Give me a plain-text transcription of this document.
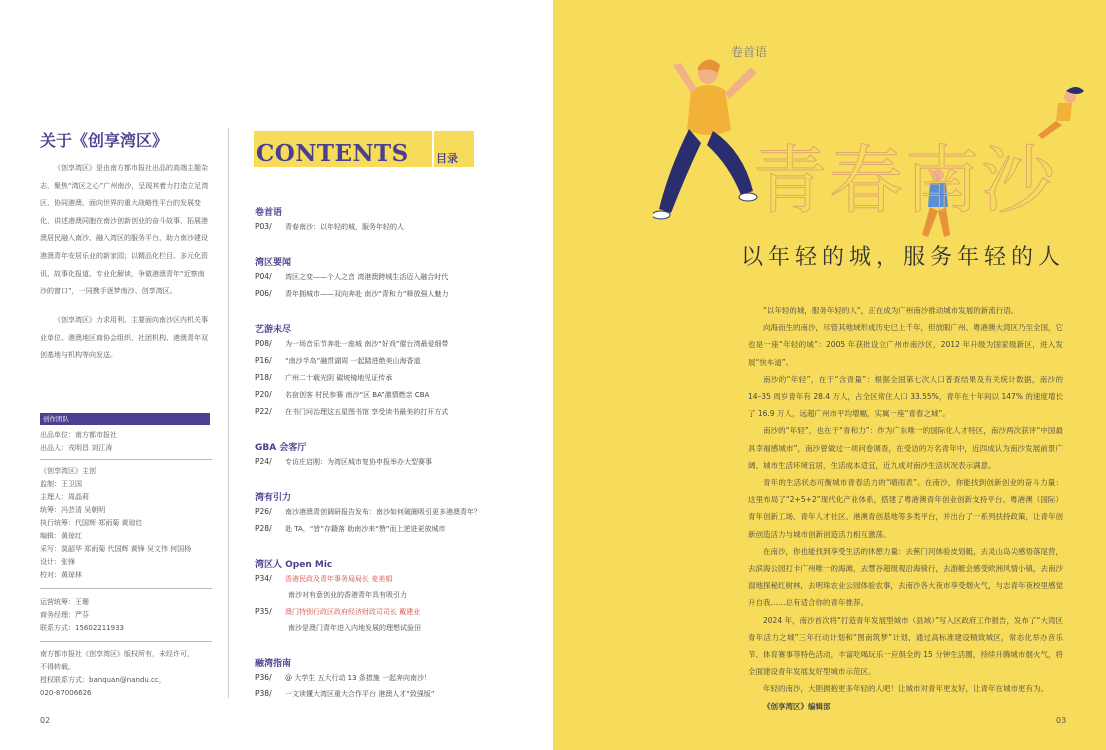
关于《创享湾区》

《创享湾区》是由南方都市报社出品的高端主题杂志，聚焦“湾区之心”广州南沙，呈现其着力打造立足湾区、协同港澳、面向世界的重大战略性平台的发展变化，讲述港澳同胞在南沙创新创业的奋斗故事，拓展港澳居民融入南沙、融入湾区的服务平台，助力南沙建设港澳青年安居乐业的新家园；以精品化栏目、多元化资讯、故事化报道、专业化解读，争做港澳青年“近察南沙的窗口”，一同携手逐梦南沙、创享湾区。

《创享湾区》力求用利、主要面向南沙区内机关事业单位、港澳地区商协会组织、社团机构、港澳青年双创基地与机构等向发送。

创作团队
出品单位：南方都市报社
出品人：戎明昌 刘江涛
《创享湾区》主创
监制：王卫国
主理人：周晶莉
统筹：冯芸清 吴朝明
执行统筹：代国辉 郑雨菊 黄琼红
编辑：黄琼红
采写：莫韶华 郑雨菊 代国辉 黄锋 吴文伟 何国杨
设计：张锋
校对：黄琼林
运营统筹：王珊
商务经理：严芬
联系方式：15602211933
南方都市报社《创享湾区》版权所有，未经许可，
不得转载。
授权联系方式：banquan@nandu.cc，
020-87006626
02
CONTENTS 目录
卷首语
P03/ 青春南沙：以年轻的城，服务年轻的人
湾区要闻
P04/ 湾区之变——个人之音 湾港澳跨城生活迈入融合时代
P06/ 青年拥城市——双向奔赴 南沙“青和力”释放强人魅力
艺游未尽
P08/ 为一场音乐节奔赴一座城 南沙“好戏”催台湾最爱细带
P16/ “南沙半岛”融贯湖周 一起踏进绝美山海香道
P18/ 广州二十载光阴 碳坡镜地见证传承
P20/ 名宿创客 村民参赛 南沙“区 BA”激情燃亲 CBA
P22/ 在书门问治理这五星图书馆 享受读书最美的打开方式
GBA 会客厅
P24/ 专访庄启刚：为湾区城市复协申报举办大型赛事
湾有引力
P26/ 南沙港澳青创调研报告发布：南沙如何破圈吸引更多港澳青年？
P28/ 赴 TA，“皆”存籍落 助南沙来“赞”而上逆进更放城市
湾区人 Open Mic
P34/ 香港民政及青年事务局局长 麦美娟
南沙对有意创业的香港青年具有吸引力
P35/ 澳门特别行政区政府经济财政司司长 戴建业
南沙是澳门青年进入内地发展的理想试验田
融湾指南
P36/ @ 大学生 五大行动 13 条措施 一起奔向南沙！
P38/ 一文读懂大湾区重大合作平台 港澳人才“致强版”
卷首语
青春南沙
以年轻的城，服务年轻的人

“以年轻的城，服务年轻的人”，正在成为广州南沙推动城市发展的新流行语。

向海而生的南沙，尽管其地域形成历史已上千年，但放眼广州、粤港澳大湾区乃至全国，它也是一座“年轻的城”：2005 年获批设立广州市南沙区，2012 年升级为国家级新区，进入发展“快车道”。

南沙的“年轻”，在于“含青量”：根据全国第七次人口普查结果及有关统计数据，南沙的 14–35 周岁青年有 28.4 万人，占全区常住人口 33.55%，青年在十年间以 147% 的速度增长了 16.9 万人，远超广州市平均增幅，实属一座“青春之城”。

南沙的“年轻”，也在于“青和力”：作为广东唯一的国际化人才特区，南沙两次获评“中国最具幸福感城市”，南沙曾做过一项问卷调查，在受访的万名青年中，近四成认为南沙发展前景广阔、城市生活环境宜居，生活成本适宜，近九成对南沙生活状况表示满意。

青年的生活状态可衡城市青春活力的“晴雨表”。在南沙，你能找到创新创业的奋斗力量：这里布局了“2+5+2”现代化产业体系，搭建了粤港澳青年创业创新支持平台、粤港澳（国际）青年创新工场、青年人才社区、港澳青创基地等多类平台，并出台了一系列扶持政策，让青年创新创造活力与城市创新创造活力相互激荡。

在南沙，你也能找到享受生活的休憩力量：去蕉门河体验皮划艇，去灵山岛尖感悟落尾营，去滨海公园打卡广州唯一的海滩，去慧谷超级观沿海骑行，去游艇会感受欧洲风情小镇，去南沙湿地探秘红树林，去明珠农业公园体验农事，去南沙各大夜市享受烟火气，与志青年夜校里感觉升自我……总有适合你的青年推荐。

2024 年，南沙首次将“打造青年发展型城市（县域）”写入区政府工作报告，发布了“大湾区青年活力之城”三年行动计划和“图南筑梦”计划，通过高标准建设精致城区，常态化举办音乐节、体育赛事等特色活动，丰富吃喝玩乐一应俱全的 15 分钟生活圈，持续升腾城市烟火气，将全面建设青年发展友好型城市示范区。

年轻的南沙，大胆拥抱更多年轻的人吧！让城市对青年更友好，让青年在城市更有为。

《创享湾区》编辑部

03
